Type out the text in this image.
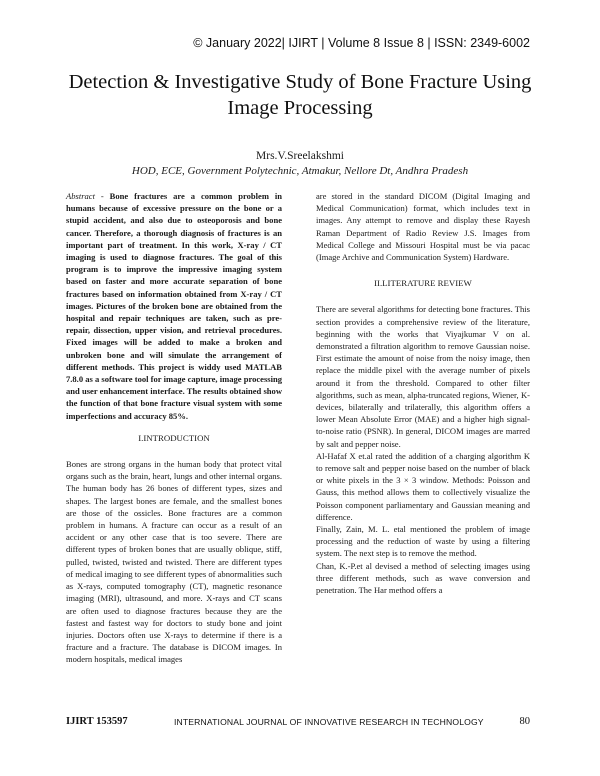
© January 2022| IJIRT | Volume 8 Issue 8 | ISSN: 2349-6002
Detection & Investigative Study of Bone Fracture Using Image Processing
Mrs.V.Sreelakshmi
HOD, ECE, Government Polytechnic, Atmakur, Nellore Dt, Andhra Pradesh

Abstract - Bone fractures are a common problem in humans because of excessive pressure on the bone or a stupid accident, and also due to osteoporosis and bone cancer. Therefore, a thorough diagnosis of fractures is an important part of treatment. In this work, X-ray / CT imaging is used to diagnose fractures. The goal of this program is to improve the impressive imaging system based on faster and more accurate separation of bone fractures based on information obtained from X-ray / CT images. Pictures of the broken bone are obtained from the hospital and repair techniques are taken, such as pre-repair, dissection, upper vision, and retrieval procedures. Fixed images will be added to make a broken and unbroken bone and will simulate the arrangement of different methods. This project is widdy used MATLAB 7.8.0 as a software tool for image capture, image processing and user enhancement interface. The results obtained show the function of that bone fracture visual system with some imperfections and accuracy 85%.

I.INTRODUCTION

Bones are strong organs in the human body that protect vital organs such as the brain, heart, lungs and other internal organs. The human body has 26 bones of different types, sizes and shapes. The largest bones are female, and the smallest bones are those of the ossicles. Bone fractures are a common problem in humans. A fracture can occur as a result of an accident or any other case that is too severe. There are different types of broken bones that are usually oblique, stiff, pulled, twisted, twisted and twisted. There are different types of medical imaging to see different types of abnormalities such as X-rays, computed tomography (CT), magnetic resonance imaging (MRI), ultrasound, and more. X-rays and CT scans are often used to diagnose fractures because they are the fastest and fastest way for doctors to study bone and joint injuries. Doctors often use X-rays to determine if there is a fracture and a fracture. The database is DICOM images. In modern hospitals, medical images

are stored in the standard DICOM (Digital Imaging and Medical Communication) format, which includes text in images. Any attempt to remove and display these Rayesh Raman Department of Radio Review J.S. Images from Medical College and Missouri Hospital must be via pacac (Image Archive and Communication System) Hardware.

II.LITERATURE REVIEW

There are several algorithms for detecting bone fractures. This section provides a comprehensive review of the literature, beginning with the works that Viyajkumar V on al. demonstrated a filtration algorithm to remove Gaussian noise. First estimate the amount of noise from the noisy image, then replace the middle pixel with the average number of pixels around it from the threshold. Compared to other filter algorithms, such as mean, alpha-truncated regions, Wiener, K-devices, bilaterally and trilaterally, this algorithm offers a lower Mean Absolute Error (MAE) and a higher high signal-to-noise ratio (PSNR). In general, DICOM images are marred by salt and pepper noise.

Al-Hafaf X et.al rated the addition of a charging algorithm K to remove salt and pepper noise based on the number of black or white pixels in the 3 × 3 window. Methods: Poisson and Gauss, this method allows them to collectively visualize the Poisson component parliamentary and Gaussian meaning and difference.

Finally, Zain, M. L. etal mentioned the problem of image processing and the reduction of waste by using a filtering system. The next step is to remove the method.

Chan, K.-P.et al devised a method of selecting images using three different methods, such as wave conversion and penetration. The Har method offers a

IJIRT 153597	INTERNATIONAL JOURNAL OF INNOVATIVE RESEARCH IN TECHNOLOGY	80
